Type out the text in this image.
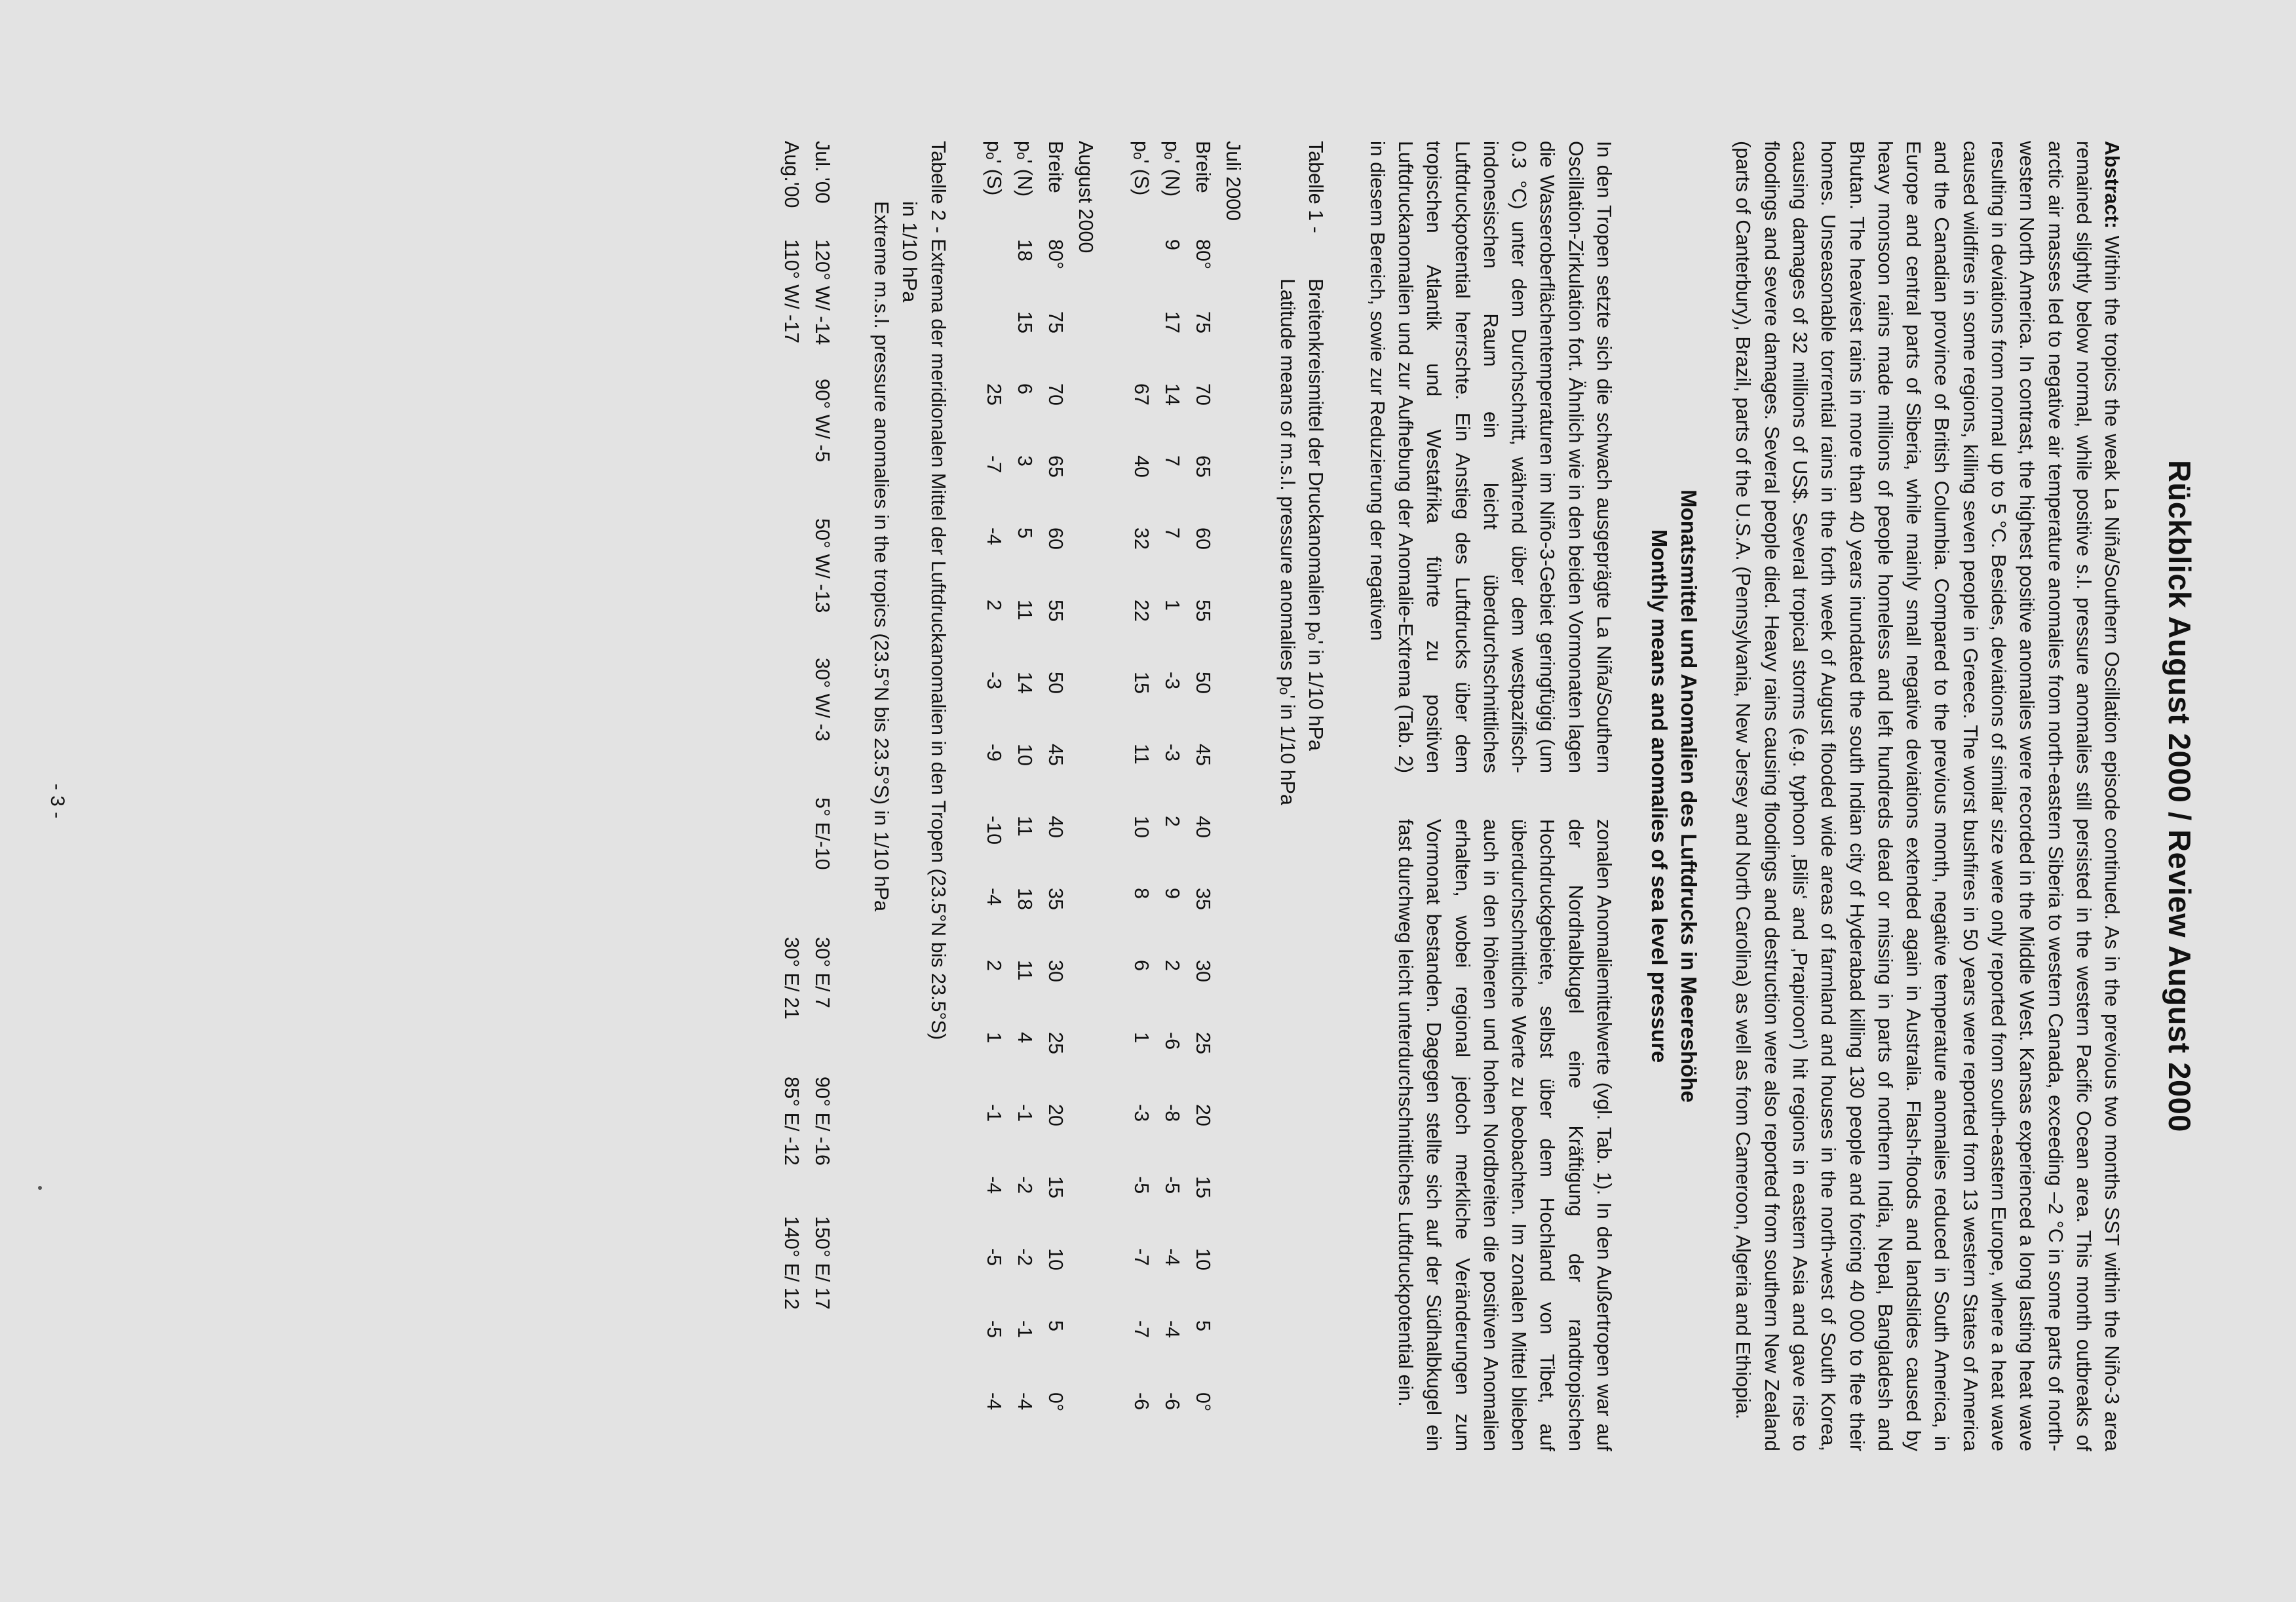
Rückblick August 2000 / Review August 2000

Abstract: Within the tropics the weak La Niña/Southern Oscillation episode continued. As in the previous two months SST within the Niño-3 area remained slightly below normal, while positive s.l. pressure anomalies still persisted in the western Pacific Ocean area. This month outbreaks of arctic air masses led to negative air temperature anomalies from north-eastern Siberia to western Canada, exceeding –2 °C in some parts of north-western North America. In contrast, the highest positive anomalies were recorded in the Middle West. Kansas experienced a long lasting heat wave resulting in deviations from normal up to 5 °C. Besides, deviations of similar size were only reported from south-eastern Europe, where a heat wave caused wildfires in some regions, killing seven people in Greece. The worst bushfires in 50 years were reported from 13 western States of America and the Canadian province of British Columbia. Compared to the previous month, negative temperature anomalies reduced in South America, in Europe and central parts of Siberia, while mainly small negative deviations extended again in Australia. Flash-floods and landslides caused by heavy monsoon rains made millions of people homeless and left hundreds dead or missing in parts of northern India, Nepal, Bangladesh and Bhutan. The heaviest rains in more than 40 years inundated the south Indian city of Hyderabad killing 130 people and forcing 40 000 to flee their homes. Unseasonable torrential rains in the forth week of August flooded wide areas of farmland and houses in the north-west of South Korea, causing damages of 32 millions of US$. Several tropical storms (e.g. typhoon ‚Bilis‘ and ‚Prapiroon‘) hit regions in eastern Asia and gave rise to floodings and severe damages. Several people died. Heavy rains causing floodings and destruction were also reported from southern New Zealand (parts of Canterbury), Brazil, parts of the U.S.A. (Pennsylvania, New Jersey and North Carolina) as well as from Cameroon, Algeria and Ethiopia.

Monatsmittel und Anomalien des Luftdrucks in Meereshöhe
Monthly means and anomalies of sea level pressure
In den Tropen setzte sich die schwach ausgeprägte La Niña/Southern Oscillation-Zirkulation fort. Ähnlich wie in den beiden Vormonaten lagen die Wasseroberflächentemperaturen im Niño-3-Gebiet geringfügig (um 0.3 °C) unter dem Durchschnitt, während über dem westpazifisch-indonesischen Raum ein leicht überdurchschnittliches Luftdruckpotential herrschte. Ein Anstieg des Luftdrucks über dem tropischen Atlantik und Westafrika führte zu positiven Luftdruckanomalien und zur Aufhebung der Anomalie-Extrema (Tab. 2) in diesem Bereich, sowie zur Reduzierung der negativen
zonalen Anomaliemittelwerte (vgl. Tab. 1). In den Außertropen war auf der Nordhalbkugel eine Kräftigung der randtropischen Hochdruckgebiete, selbst über dem Hochland von Tibet, auf überdurchschnittliche Werte zu beobachten. Im zonalen Mittel blieben auch in den höheren und hohen Nordbreiten die positiven Anomalien erhalten, wobei regional jedoch merkliche Veränderungen zum Vormonat bestanden. Dagegen stellte sich auf der Südhalbkugel ein fast durchweg leicht unterdurchschnittliches Luftdruckpotential ein.
Tabelle 1 -
Breitenkreismittel der Druckanomalien pₒ' in 1/10 hPa
Latitude means of m.s.l. pressure anomalies pₒ' in 1/10 hPa
Juli 2000
Breite
80°
75
70
65
60
55
50
45
40
35
30
25
20
15
10
5
0°
pₒ' (N)
9
17
14
7
7
1
-3
-3
2
9
2
-6
-8
-5
-4
-4
-6
pₒ' (S)
67
40
32
22
15
11
10
8
6
1
-3
-5
-7
-7
-6
August 2000
Breite
80°
75
70
65
60
55
50
45
40
35
30
25
20
15
10
5
0°
pₒ' (N)
18
15
6
3
5
11
14
10
11
18
11
4
-1
-2
-2
-1
-4
pₒ' (S)
25
-7
-4
2
-3
-9
-10
-4
2
1
-1
-4
-5
-5
-4
Tabelle 2 - Extrema der meridionalen Mittel der Luftdruckanomalien in den Tropen (23.5°N bis 23.5°S)
in 1/10 hPa
Extreme m.s.l. pressure anomalies in the tropics (23.5°N bis 23.5°S) in 1/10 hPa
Jul. '00
120° W/ -14
90° W/ -5
50° W/ -13
30° W/ -3
5° E/-10
30° E/ 7
90° E/ -16
150° E/ 17
Aug.'00
110° W/ -17
30° E/ 21
85° E/ -12
140° E/ 12
- 3 -
